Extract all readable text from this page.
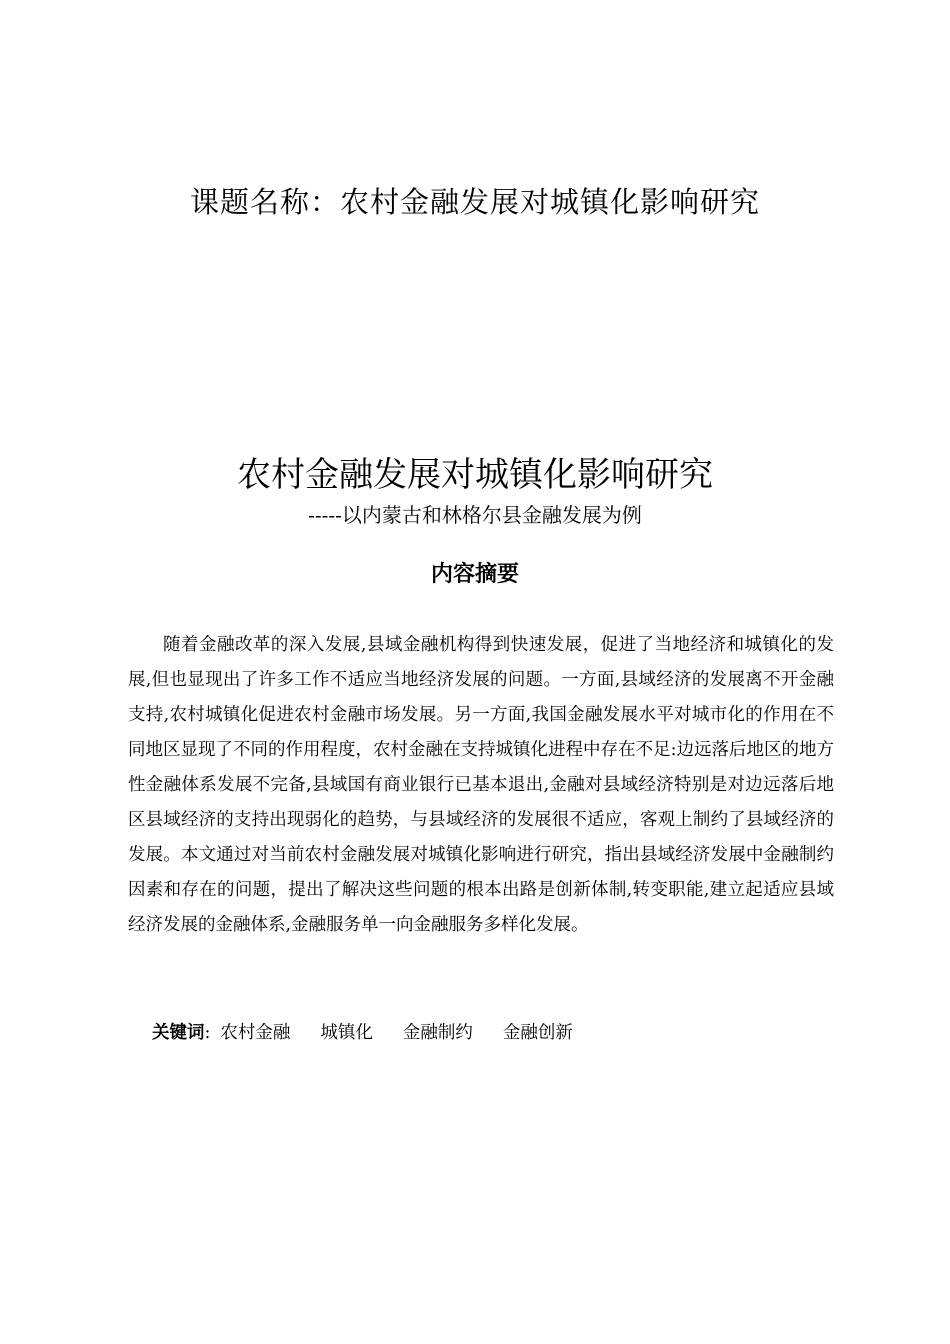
课题名称：农村金融发展对城镇化影响研究
农村金融发展对城镇化影响研究
-----以内蒙古和林格尔县金融发展为例
内容摘要

随着金融改革的深入发展,县域金融机构得到快速发展，促进了当地经济和城镇化的发展,但也显现出了许多工作不适应当地经济发展的问题。一方面,县域经济的发展离不开金融支持,农村城镇化促进农村金融市场发展。另一方面,我国金融发展水平对城市化的作用在不同地区显现了不同的作用程度，农村金融在支持城镇化进程中存在不足:边远落后地区的地方性金融体系发展不完备,县域国有商业银行已基本退出,金融对县域经济特别是对边远落后地区县域经济的支持出现弱化的趋势，与县域经济的发展很不适应，客观上制约了县域经济的发展。本文通过对当前农村金融发展对城镇化影响进行研究，指出县域经济发展中金融制约因素和存在的问题，提出了解决这些问题的根本出路是创新体制,转变职能,建立起适应县域经济发展的金融体系,金融服务单一向金融服务多样化发展。

关键词: 农村金融 城镇化 金融制约 金融创新
